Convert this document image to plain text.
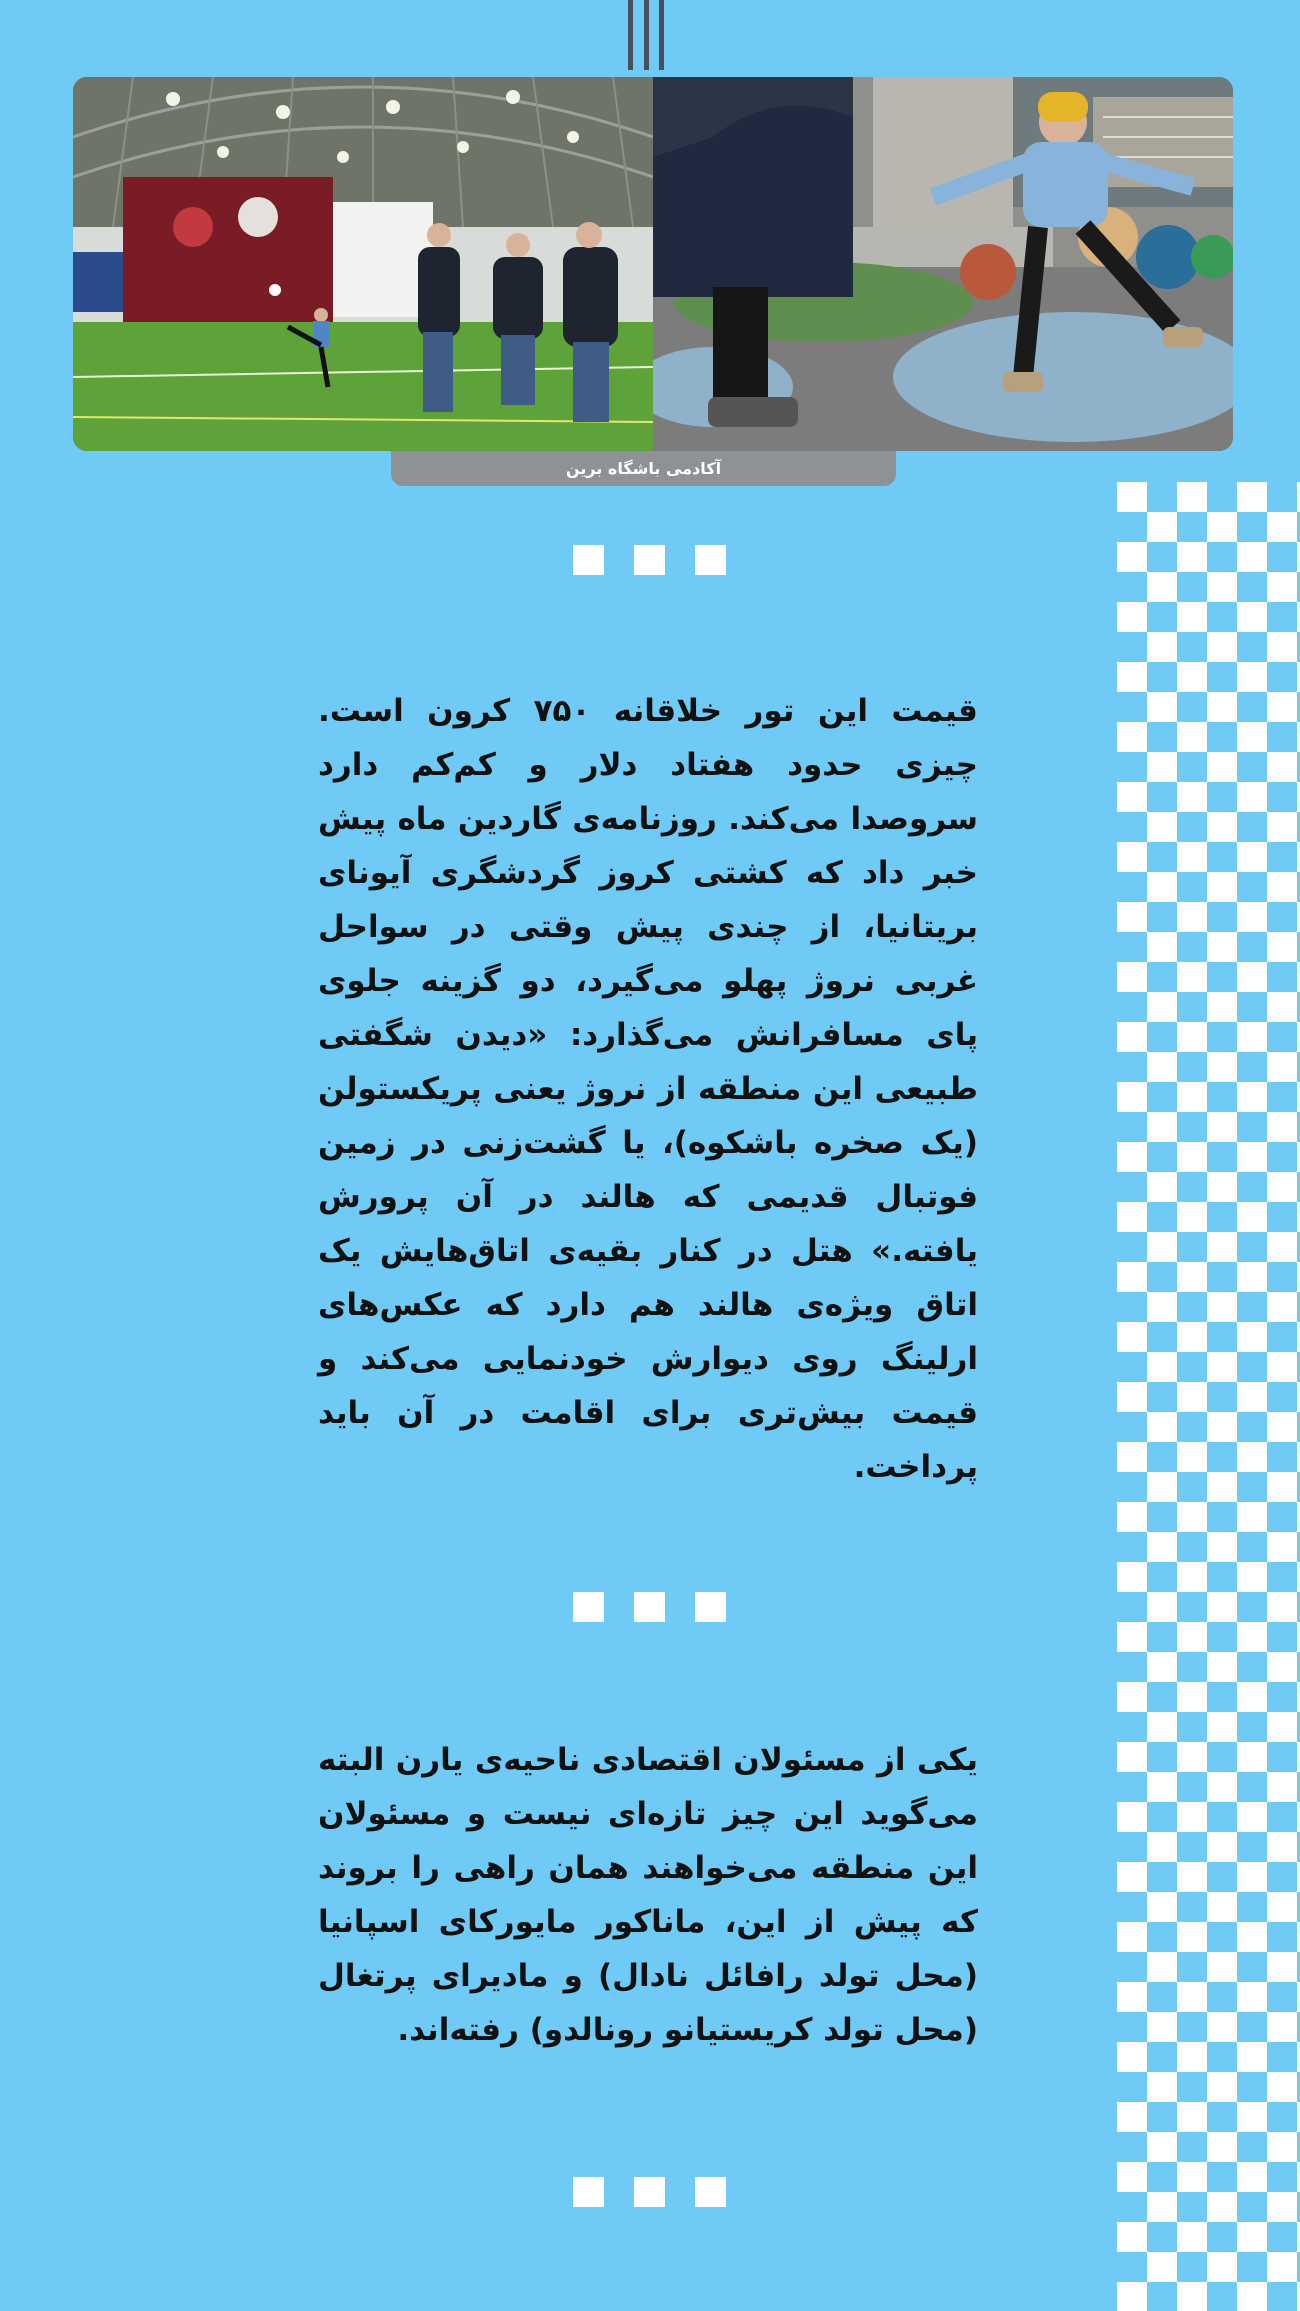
آکادمی باشگاه برین

قیمت این تور خلاقانه ۷۵۰ کرون است. چیزی حدود هفتاد دلار و کم‌کم دارد سروصدا می‌کند. روزنامه‌ی گاردین ماه پیش خبر داد که کشتی کروز گردشگری آیونای بریتانیا، از چندی پیش وقتی در سواحل غربی نروژ پهلو می‌گیرد، دو گزینه جلوی پای مسافرانش می‌گذارد: «دیدن شگفتی طبیعی این منطقه از نروژ یعنی پریکستولن (یک صخره باشکوه)، یا گشت‌زنی در زمین فوتبال قدیمی که هالند در آن پرورش یافته.» هتل در کنار بقیه‌ی اتاق‌هایش یک اتاق ویژه‌ی هالند هم دارد که عکس‌های ارلینگ روی دیوارش خودنمایی می‌کند و قیمت بیش‌تری برای اقامت در آن باید پرداخت.

یکی از مسئولان اقتصادی ناحیه‌ی یارن البته می‌گوید این چیز تازه‌ای نیست و مسئولان این منطقه می‌خواهند همان راهی را بروند که پیش از این، ماناکور مایورکای اسپانیا (محل تولد رافائل نادال) و مادیرای پرتغال (محل تولد کریستیانو رونالدو) رفته‌اند.
